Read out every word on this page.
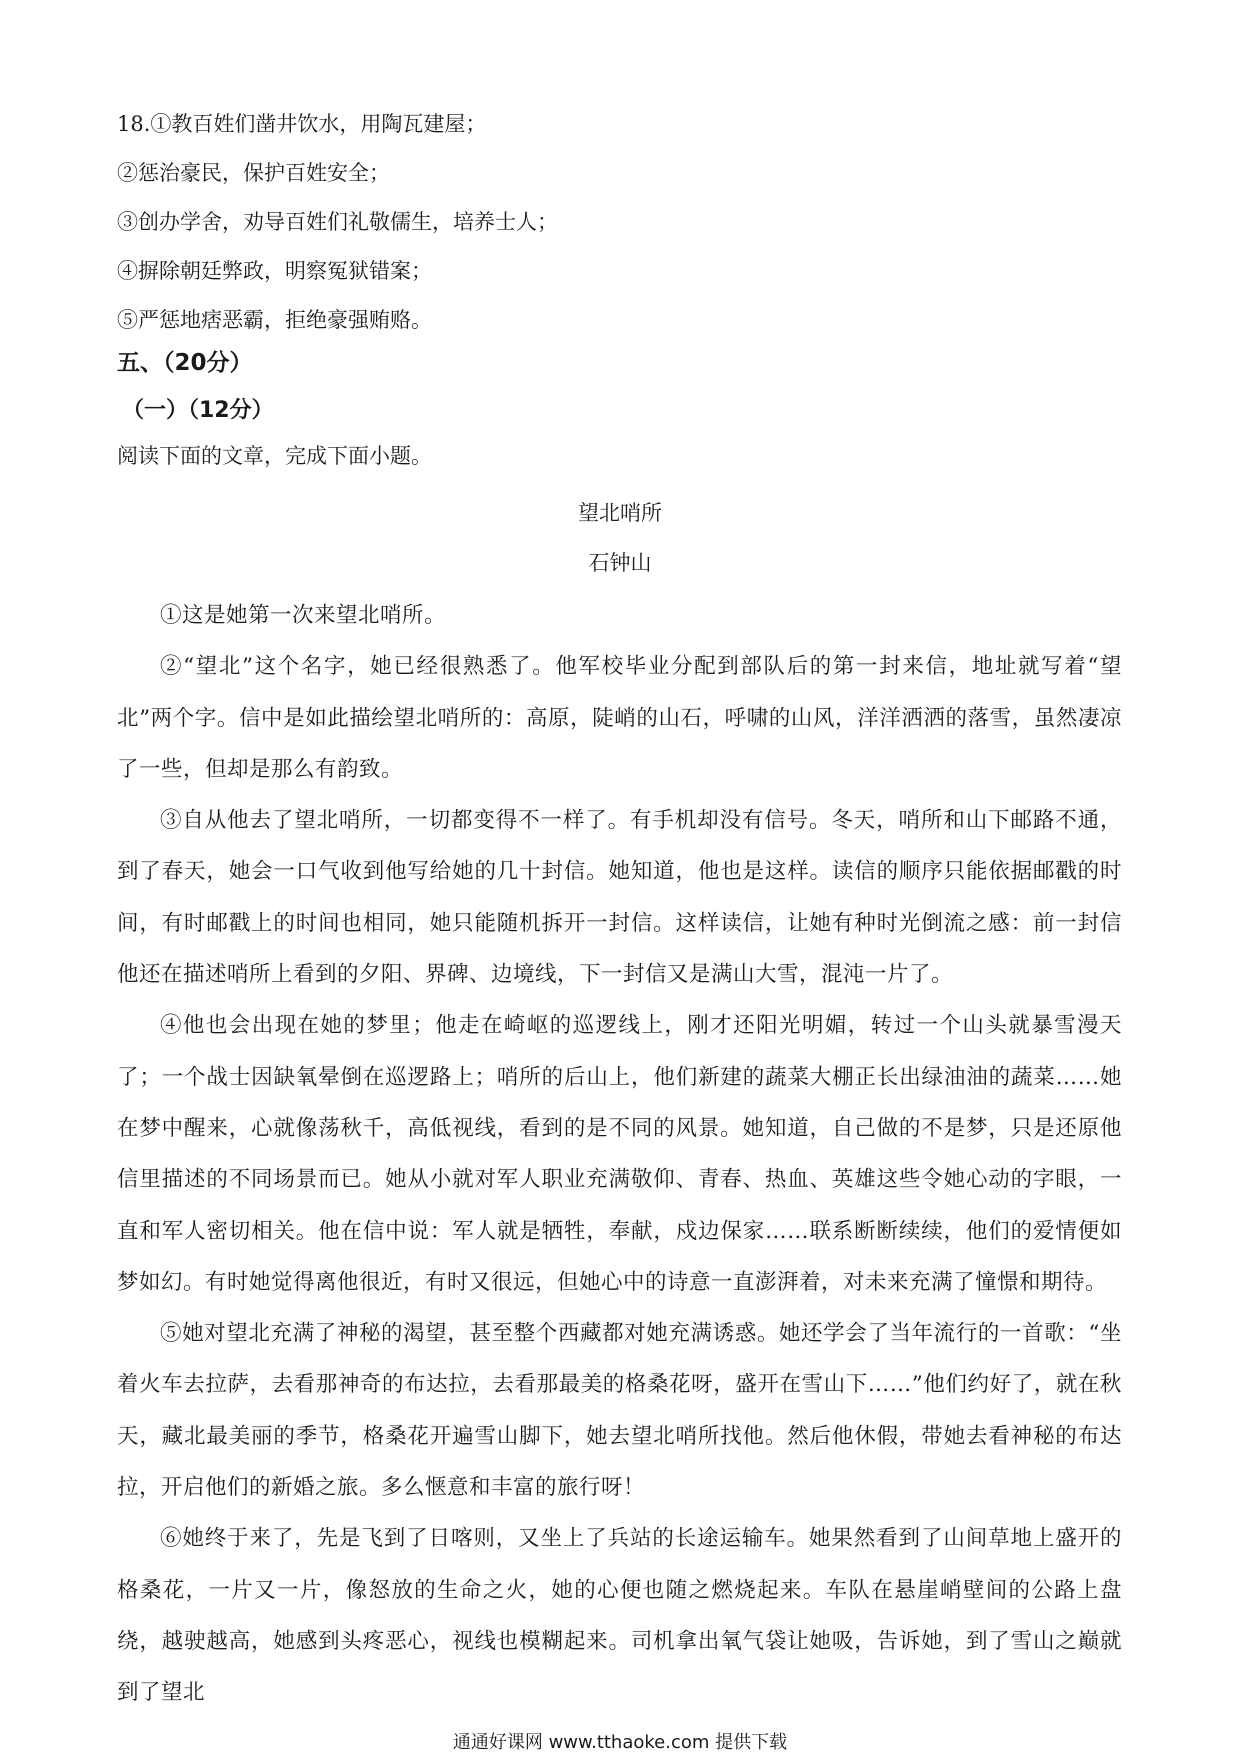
18.①教百姓们凿井饮水，用陶瓦建屋；
②惩治豪民，保护百姓安全；
③创办学舍，劝导百姓们礼敬儒生，培养士人；
④摒除朝廷弊政，明察冤狱错案；
⑤严惩地痞恶霸，拒绝豪强贿赂。
五、（20分）
（一）（12分）
阅读下面的文章，完成下面小题。
望北哨所
石钟山

①这是她第一次来望北哨所。

②“望北”这个名字，她已经很熟悉了。他军校毕业分配到部队后的第一封来信，地址就写着“望北”两个字。信中是如此描绘望北哨所的：高原，陡峭的山石，呼啸的山风，洋洋洒洒的落雪，虽然凄凉了一些，但却是那么有韵致。

③自从他去了望北哨所，一切都变得不一样了。有手机却没有信号。冬天，哨所和山下邮路不通，到了春天，她会一口气收到他写给她的几十封信。她知道，他也是这样。读信的顺序只能依据邮戳的时间，有时邮戳上的时间也相同，她只能随机拆开一封信。这样读信，让她有种时光倒流之感：前一封信他还在描述哨所上看到的夕阳、界碑、边境线，下一封信又是满山大雪，混沌一片了。

④他也会出现在她的梦里；他走在崎岖的巡逻线上，刚才还阳光明媚，转过一个山头就暴雪漫天了；一个战士因缺氧晕倒在巡逻路上；哨所的后山上，他们新建的蔬菜大棚正长出绿油油的蔬菜……她在梦中醒来，心就像荡秋千，高低视线，看到的是不同的风景。她知道，自己做的不是梦，只是还原他信里描述的不同场景而已。她从小就对军人职业充满敬仰、青春、热血、英雄这些令她心动的字眼，一直和军人密切相关。他在信中说：军人就是牺牲，奉献，戍边保家……联系断断续续，他们的爱情便如梦如幻。有时她觉得离他很近，有时又很远，但她心中的诗意一直澎湃着，对未来充满了憧憬和期待。

⑤她对望北充满了神秘的渴望，甚至整个西藏都对她充满诱惑。她还学会了当年流行的一首歌：“坐着火车去拉萨，去看那神奇的布达拉，去看那最美的格桑花呀，盛开在雪山下……”他们约好了，就在秋天，藏北最美丽的季节，格桑花开遍雪山脚下，她去望北哨所找他。然后他休假，带她去看神秘的布达拉，开启他们的新婚之旅。多么惬意和丰富的旅行呀！

⑥她终于来了，先是飞到了日喀则，又坐上了兵站的长途运输车。她果然看到了山间草地上盛开的格桑花，一片又一片，像怒放的生命之火，她的心便也随之燃烧起来。车队在悬崖峭壁间的公路上盘绕，越驶越高，她感到头疼恶心，视线也模糊起来。司机拿出氧气袋让她吸，告诉她，到了雪山之巅就到了望北

通通好课网 www.tthaoke.com 提供下载
